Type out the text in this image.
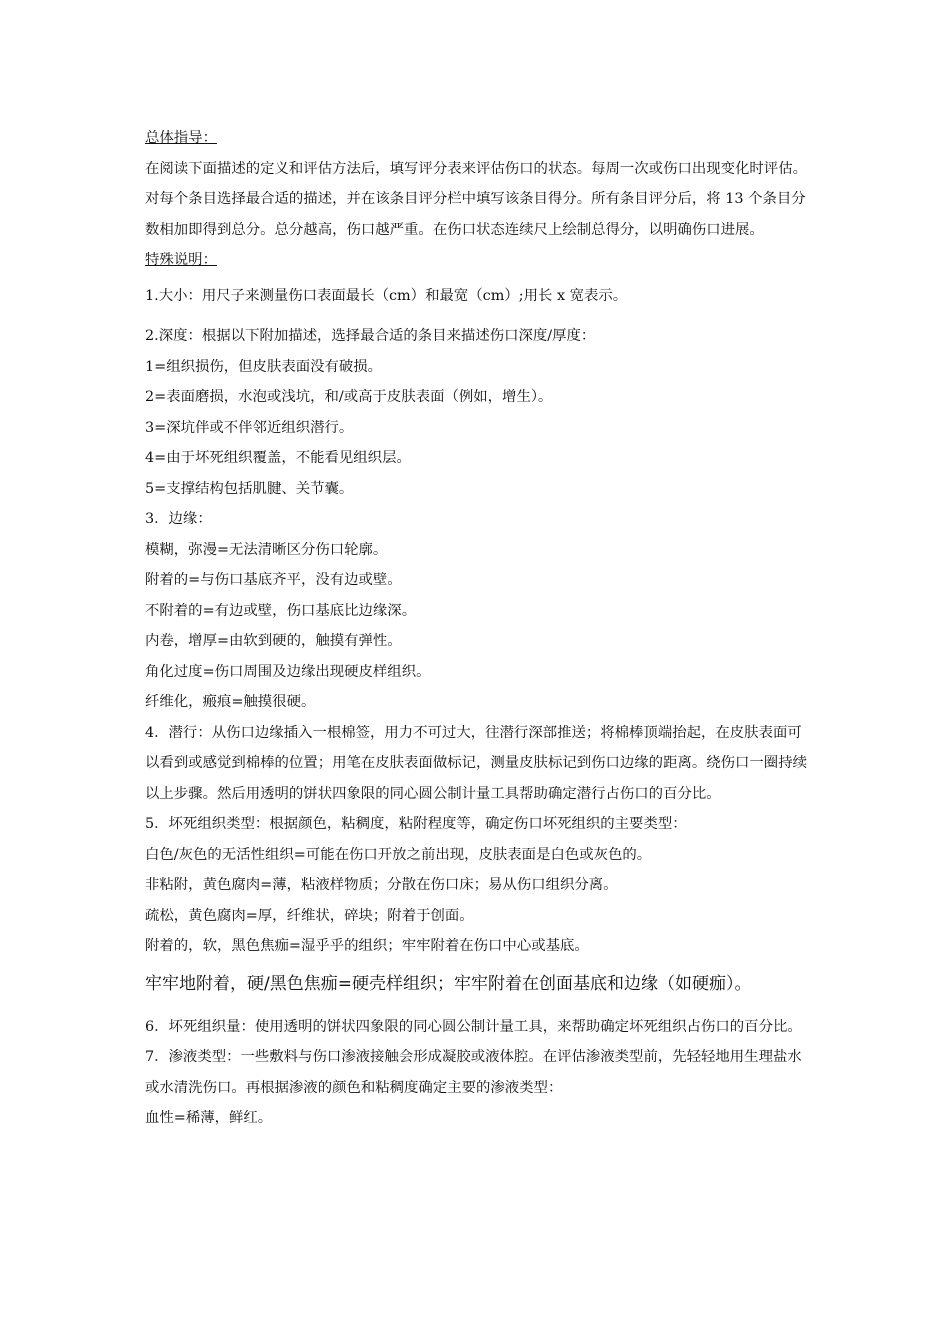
总体指导：

在阅读下面描述的定义和评估方法后，填写评分表来评估伤口的状态。每周一次或伤口出现变化时评估。对每个条目选择最合适的描述，并在该条目评分栏中填写该条目得分。所有条目评分后，将 13 个条目分数相加即得到总分。总分越高，伤口越严重。在伤口状态连续尺上绘制总得分，以明确伤口进展。

特殊说明：

1.大小：用尺子来测量伤口表面最长（cm）和最宽（cm）;用长 x 宽表示。

2.深度：根据以下附加描述，选择最合适的条目来描述伤口深度/厚度：

1=组织损伤，但皮肤表面没有破损。

2=表面磨损，水泡或浅坑，和/或高于皮肤表面（例如，增生）。

3=深坑伴或不伴邻近组织潜行。

4=由于坏死组织覆盖，不能看见组织层。

5=支撑结构包括肌腱、关节囊。

3．边缘：

模糊，弥漫=无法清晰区分伤口轮廓。

附着的=与伤口基底齐平，没有边或壁。

不附着的=有边或壁，伤口基底比边缘深。

内卷，增厚=由软到硬的，触摸有弹性。

角化过度=伤口周围及边缘出现硬皮样组织。

纤维化，瘢痕=触摸很硬。

4．潜行：从伤口边缘插入一根棉签，用力不可过大，往潜行深部推送；将棉棒顶端抬起，在皮肤表面可以看到或感觉到棉棒的位置；用笔在皮肤表面做标记，测量皮肤标记到伤口边缘的距离。绕伤口一圈持续以上步骤。然后用透明的饼状四象限的同心圆公制计量工具帮助确定潜行占伤口的百分比。

5．坏死组织类型：根据颜色，粘稠度，粘附程度等，确定伤口坏死组织的主要类型：

白色/灰色的无活性组织=可能在伤口开放之前出现，皮肤表面是白色或灰色的。

非粘附，黄色腐肉=薄，粘液样物质；分散在伤口床；易从伤口组织分离。

疏松，黄色腐肉=厚，纤维状，碎块；附着于创面。

附着的，软，黑色焦痂=湿乎乎的组织；牢牢附着在伤口中心或基底。

牢牢地附着，硬/黑色焦痂=硬壳样组织；牢牢附着在创面基底和边缘（如硬痂）。

6．坏死组织量：使用透明的饼状四象限的同心圆公制计量工具，来帮助确定坏死组织占伤口的百分比。

7．渗液类型：一些敷料与伤口渗液接触会形成凝胶或液体腔。在评估渗液类型前，先轻轻地用生理盐水或水清洗伤口。再根据渗液的颜色和粘稠度确定主要的渗液类型：

血性=稀薄，鲜红。
